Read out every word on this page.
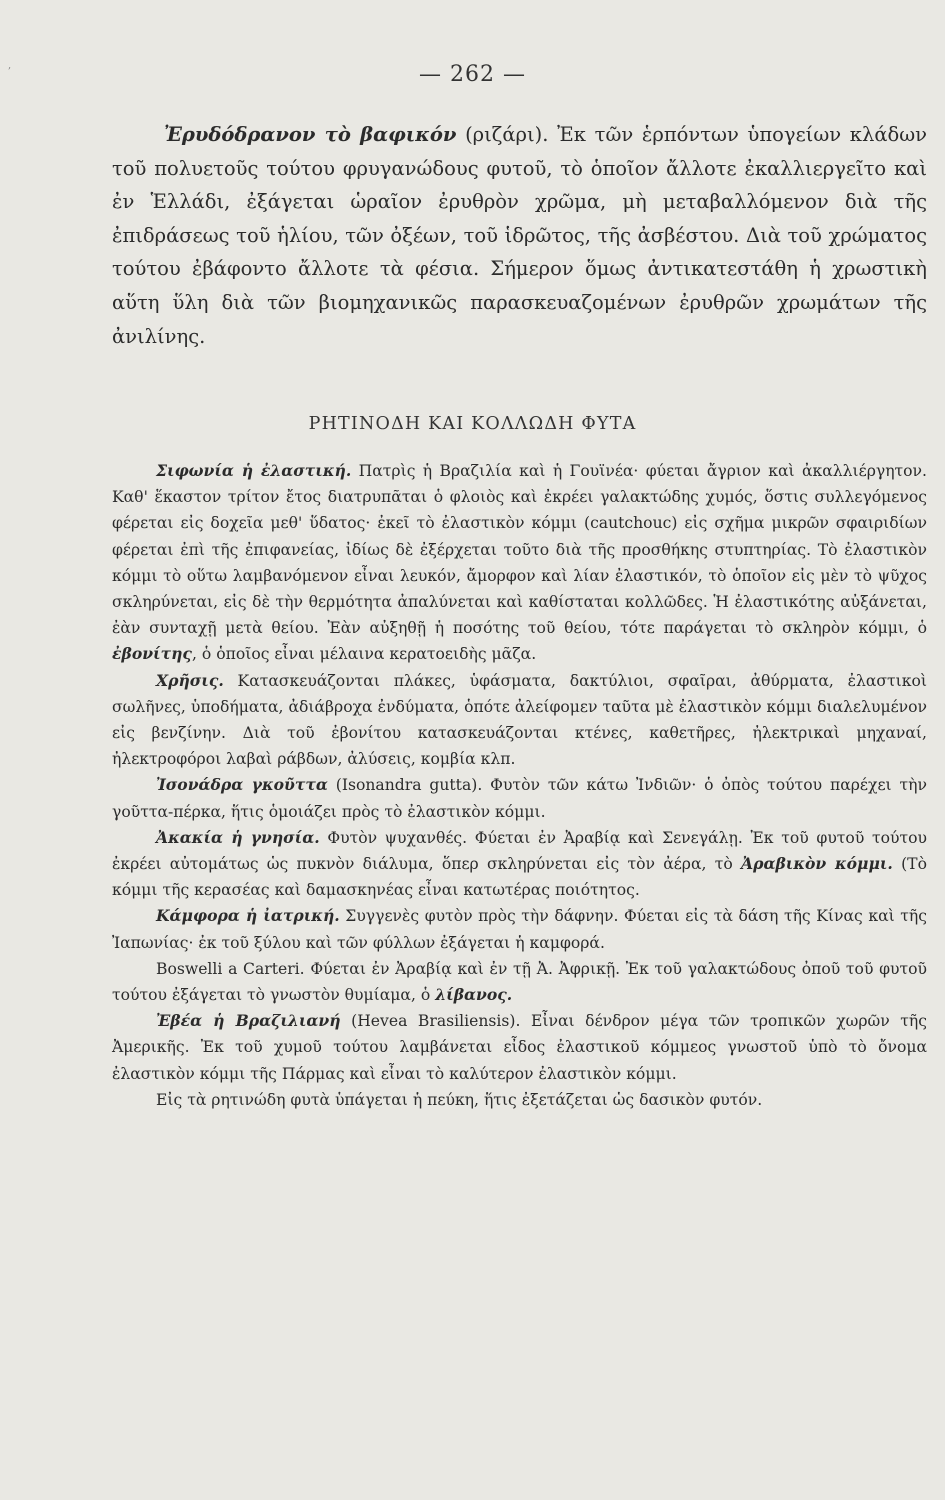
,	— 262 —

Ἐρυδόδρανον τὸ βαφικόν (ριζάρι). Ἐκ τῶν ἑρπόντων ὑπογείων κλάδων τοῦ πολυετοῦς τούτου φρυγανώδους φυτοῦ, τὸ ὁποῖον ἄλλοτε ἐκαλλιεργεῖτο καὶ ἐν Ἑλλάδι, ἐξάγεται ὡραῖον ἐρυθρὸν χρῶμα, μὴ μεταβαλλόμενον διὰ τῆς ἐπιδράσεως τοῦ ἡλίου, τῶν ὀξέων, τοῦ ἱδρῶτος, τῆς ἀσβέστου. Διὰ τοῦ χρώματος τούτου ἐβάφοντο ἄλλοτε τὰ φέσια. Σήμερον ὅμως ἀντικατεστάθη ἡ χρωστικὴ αὕτη ὕλη διὰ τῶν βιομηχανικῶς παρασκευαζομένων ἐρυθρῶν χρωμάτων τῆς ἀνιλίνης.

ΡΗΤΙΝΟΔΗ ΚΑΙ ΚΟΛΛΩΔΗ ΦΥΤΑ

Σιφωνία ἡ ἐλαστική. Πατρὶς ἡ Βραζιλία καὶ ἡ Γουϊνέα· φύεται ἄγριον καὶ ἀκαλλιέργητον. Καθ' ἕκαστον τρίτον ἔτος διατρυπᾶται ὁ φλοιὸς καὶ ἐκρέει γαλακτώδης χυμός, ὅστις συλλεγόμενος φέρεται εἰς δοχεῖα μεθ' ὕδατος· ἐκεῖ τὸ ἐλαστικὸν κόμμι (cautchouc) εἰς σχῆμα μικρῶν σφαιριδίων φέρεται ἐπὶ τῆς ἐπιφανείας, ἰδίως δὲ ἐξέρχεται τοῦτο διὰ τῆς προσθήκης στυπτηρίας. Τὸ ἐλαστικὸν κόμμι τὸ οὕτω λαμβανόμενον εἶναι λευκόν, ἄμορφον καὶ λίαν ἐλαστικόν, τὸ ὁποῖον εἰς μὲν τὸ ψῦχος σκληρύνεται, εἰς δὲ τὴν θερμότητα ἀπαλύνεται καὶ καθίσταται κολλῶδες. Ἡ ἐλαστικότης αὐξάνεται, ἐὰν συνταχῇ μετὰ θείου. Ἐὰν αὐξηθῇ ἡ ποσότης τοῦ θείου, τότε παράγεται τὸ σκληρὸν κόμμι, ὁ ἐβονίτης, ὁ ὁποῖος εἶναι μέλαινα κερατοειδὴς μᾶζα.

Χρῆσις. Κατασκευάζονται πλάκες, ὑφάσματα, δακτύλιοι, σφαῖραι, ἀθύρματα, ἐλαστικοὶ σωλῆνες, ὑποδήματα, ἀδιάβροχα ἐνδύματα, ὁπότε ἀλείφομεν ταῦτα μὲ ἐλαστικὸν κόμμι διαλελυμένον εἰς βενζίνην. Διὰ τοῦ ἐβονίτου κατασκευάζονται κτένες, καθετῆρες, ἠλεκτρικαὶ μηχαναί, ἠλεκτροφόροι λαβαὶ ράβδων, ἀλύσεις, κομβία κλπ.

Ἰσονάδρα γκοῦττα (Isonandra gutta). Φυτὸν τῶν κάτω Ἰνδιῶν· ὁ ὀπὸς τούτου παρέχει τὴν γοῦττα-πέρκα, ἥτις ὁμοιάζει πρὸς τὸ ἐλαστικὸν κόμμι.

Ἀκακία ἡ γνησία. Φυτὸν ψυχανθές. Φύεται ἐν Ἀραβίᾳ καὶ Σενεγάλῃ. Ἐκ τοῦ φυτοῦ τούτου ἐκρέει αὐτομάτως ὡς πυκνὸν διάλυμα, ὅπερ σκληρύνεται εἰς τὸν ἀέρα, τὸ Ἀραβικὸν κόμμι. (Τὸ κόμμι τῆς κερασέας καὶ δαμασκηνέας εἶναι κατωτέρας ποιότητος.

Κάμφορα ἡ ἰατρική. Συγγενὲς φυτὸν πρὸς τὴν δάφνην. Φύεται εἰς τὰ δάση τῆς Κίνας καὶ τῆς Ἰαπωνίας· ἐκ τοῦ ξύλου καὶ τῶν φύλλων ἐξάγεται ἡ καμφορά.

Boswelli a Carteri. Φύεται ἐν Ἀραβίᾳ καὶ ἐν τῇ Ἀ. Ἀφρικῇ. Ἐκ τοῦ γαλακτώδους ὀποῦ τοῦ φυτοῦ τούτου ἐξάγεται τὸ γνωστὸν θυμίαμα, ὁ λίβανος.

Ἐβέα ἡ Βραζιλιανή (Hevea Brasiliensis). Εἶναι δένδρον μέγα τῶν τροπικῶν χωρῶν τῆς Ἀμερικῆς. Ἐκ τοῦ χυμοῦ τούτου λαμβάνεται εἶδος ἐλαστικοῦ κόμμεος γνωστοῦ ὑπὸ τὸ ὄνομα ἐλαστικὸν κόμμι τῆς Πάρμας καὶ εἶναι τὸ καλύτερον ἐλαστικὸν κόμμι.

Εἰς τὰ ρητινώδη φυτὰ ὑπάγεται ἡ πεύκη, ἥτις ἐξετάζεται ὡς δασικὸν φυτόν.
